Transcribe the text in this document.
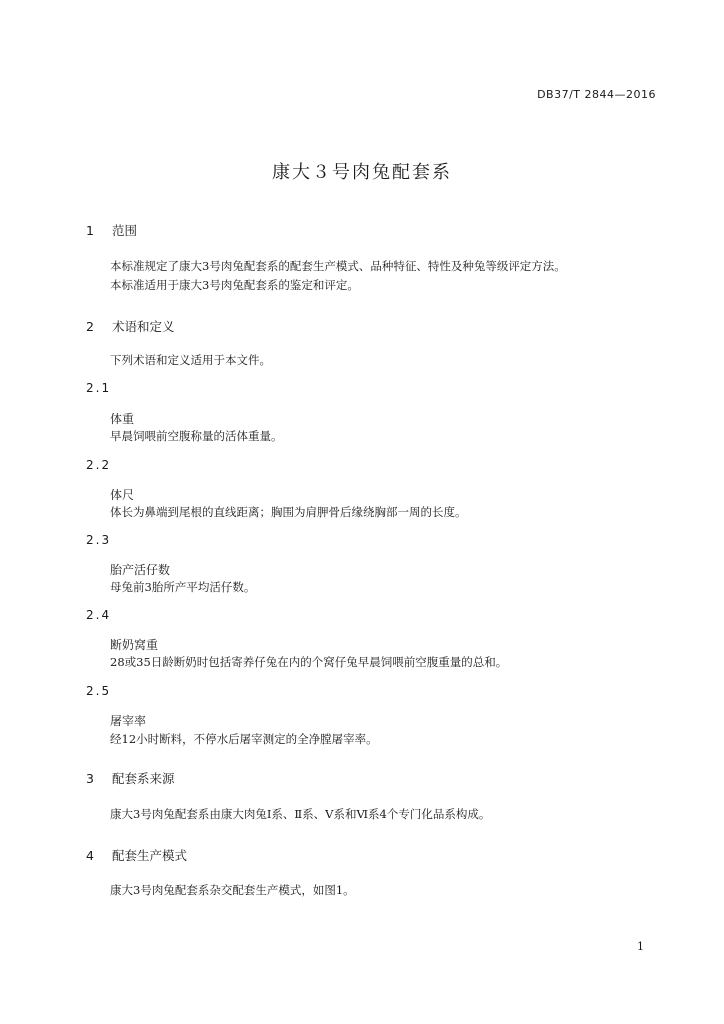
DB37/T 2844—2016
康大３号肉兔配套系
1 范围
本标准规定了康大3号肉兔配套系的配套生产模式、品种特征、特性及种兔等级评定方法。
本标准适用于康大3号肉兔配套系的鉴定和评定。
2 术语和定义
下列术语和定义适用于本文件。
2.1
体重
早晨饲喂前空腹称量的活体重量。
2.2
体尺
体长为鼻端到尾根的直线距离；胸围为肩胛骨后缘绕胸部一周的长度。
2.3
胎产活仔数
母兔前3胎所产平均活仔数。
2.4
断奶窝重
28或35日龄断奶时包括寄养仔兔在内的个窝仔兔早晨饲喂前空腹重量的总和。
2.5
屠宰率
经12小时断料，不停水后屠宰测定的全净膛屠宰率。
3 配套系来源
康大3号肉兔配套系由康大肉兔Ⅰ系、Ⅱ系、Ⅴ系和Ⅵ系4个专门化品系构成。
4 配套生产模式
康大3号肉兔配套系杂交配套生产模式，如图1。
1
